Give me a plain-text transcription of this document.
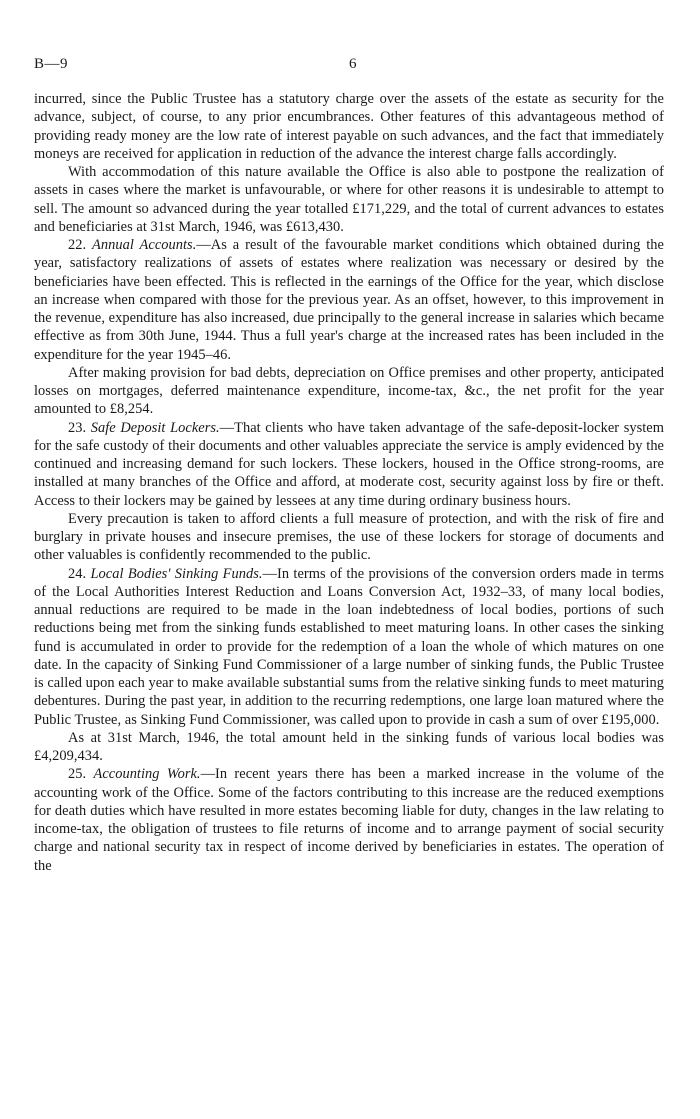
B—9	6

incurred, since the Public Trustee has a statutory charge over the assets of the estate as security for the advance, subject, of course, to any prior encumbrances. Other features of this advantageous method of providing ready money are the low rate of interest payable on such advances, and the fact that immediately moneys are received for application in reduction of the advance the interest charge falls accordingly.

With accommodation of this nature available the Office is also able to postpone the realization of assets in cases where the market is unfavourable, or where for other reasons it is undesirable to attempt to sell. The amount so advanced during the year totalled £171,229, and the total of current advances to estates and beneficiaries at 31st March, 1946, was £613,430.

22. Annual Accounts.—As a result of the favourable market conditions which obtained during the year, satisfactory realizations of assets of estates where realization was necessary or desired by the beneficiaries have been effected. This is reflected in the earnings of the Office for the year, which disclose an increase when compared with those for the previous year. As an offset, however, to this improvement in the revenue, expenditure has also increased, due principally to the general increase in salaries which became effective as from 30th June, 1944. Thus a full year's charge at the increased rates has been included in the expenditure for the year 1945–46.

After making provision for bad debts, depreciation on Office premises and other property, anticipated losses on mortgages, deferred maintenance expenditure, income-tax, &c., the net profit for the year amounted to £8,254.

23. Safe Deposit Lockers.—That clients who have taken advantage of the safe-deposit-locker system for the safe custody of their documents and other valuables appreciate the service is amply evidenced by the continued and increasing demand for such lockers. These lockers, housed in the Office strong-rooms, are installed at many branches of the Office and afford, at moderate cost, security against loss by fire or theft. Access to their lockers may be gained by lessees at any time during ordinary business hours.

Every precaution is taken to afford clients a full measure of protection, and with the risk of fire and burglary in private houses and insecure premises, the use of these lockers for storage of documents and other valuables is confidently recommended to the public.

24. Local Bodies' Sinking Funds.—In terms of the provisions of the conversion orders made in terms of the Local Authorities Interest Reduction and Loans Conversion Act, 1932–33, of many local bodies, annual reductions are required to be made in the loan indebtedness of local bodies, portions of such reductions being met from the sinking funds established to meet maturing loans. In other cases the sinking fund is accumulated in order to provide for the redemption of a loan the whole of which matures on one date. In the capacity of Sinking Fund Commissioner of a large number of sinking funds, the Public Trustee is called upon each year to make available substantial sums from the relative sinking funds to meet maturing debentures. During the past year, in addition to the recurring redemptions, one large loan matured where the Public Trustee, as Sinking Fund Commissioner, was called upon to provide in cash a sum of over £195,000.

As at 31st March, 1946, the total amount held in the sinking funds of various local bodies was £4,209,434.

25. Accounting Work.—In recent years there has been a marked increase in the volume of the accounting work of the Office. Some of the factors contributing to this increase are the reduced exemptions for death duties which have resulted in more estates becoming liable for duty, changes in the law relating to income-tax, the obligation of trustees to file returns of income and to arrange payment of social security charge and national security tax in respect of income derived by beneficiaries in estates. The operation of the
